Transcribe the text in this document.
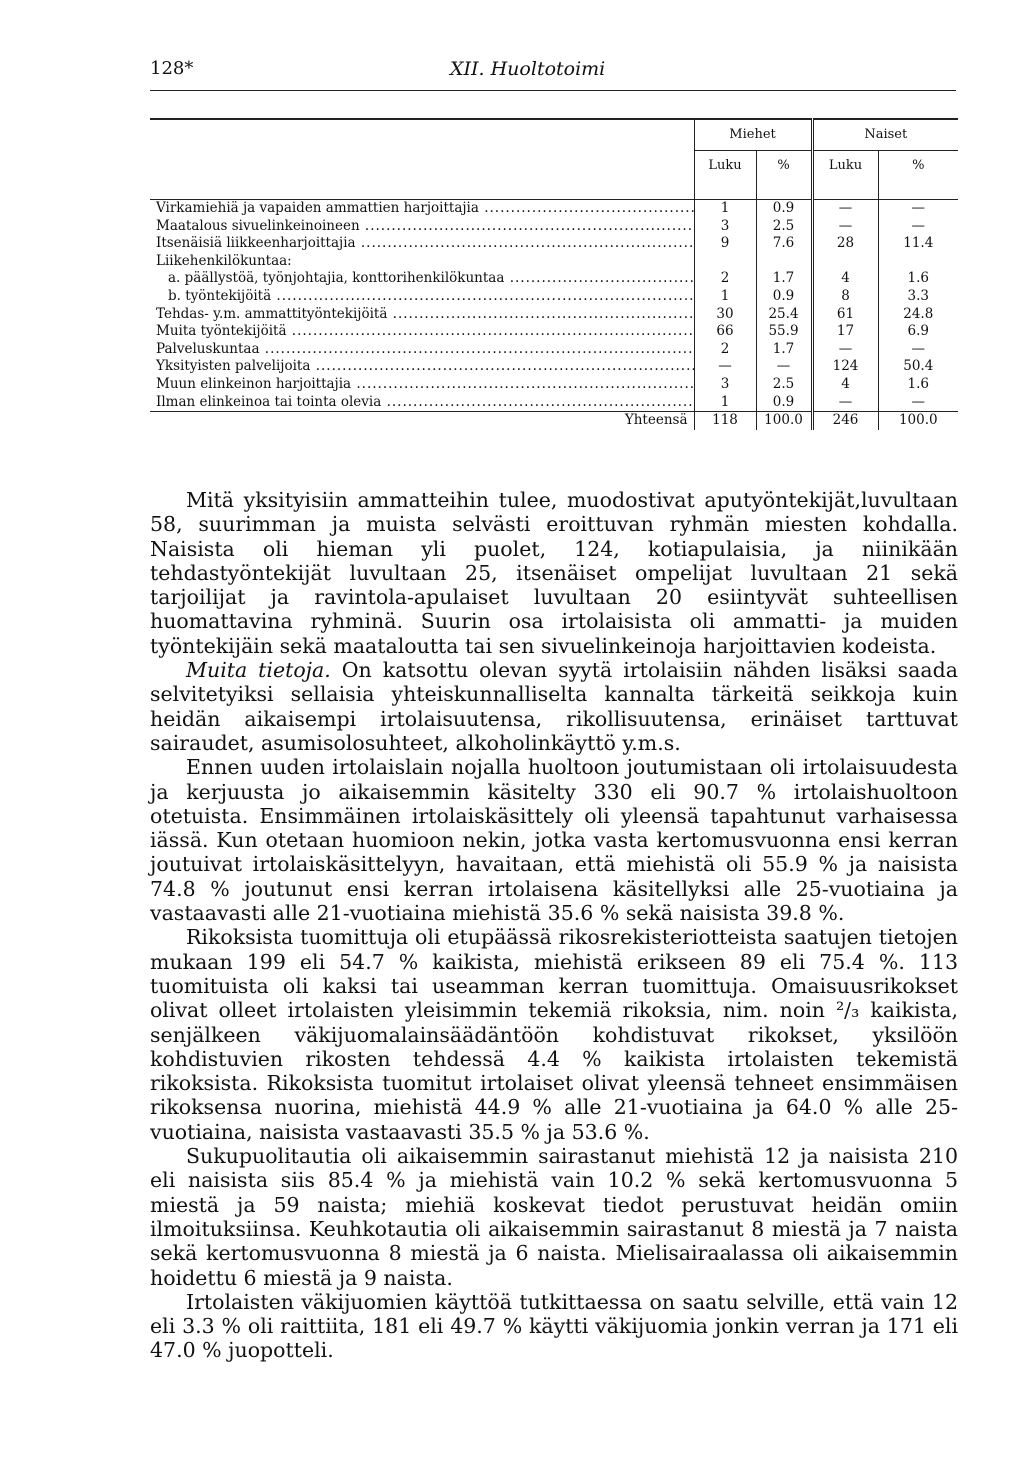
128*	XII. Huoltotoimi
	Miehet		Naiset	
	Luku	%	Luku	%

Virkamiehiä ja vapaiden ammattien harjoittajia .....	1	0.9	—	—
Maatalous sivuelinkeinoineen .....	3	2.5	—	—
Itsenäisiä liikkeenharjoittajia .....	9	7.6	28	11.4
Liikehenkilökuntaa:				
a. päällystöä, työnjohtajia, konttorihenkilökuntaa .....	2	1.7	4	1.6
b. työntekijöitä .....	1	0.9	8	3.3
Tehdas- y.m. ammattityöntekijöitä .....	30	25.4	61	24.8
Muita työntekijöitä .....	66	55.9	17	6.9
Palveluskuntaa .....	2	1.7	—	—
Yksityisten palvelijoita .....	—	—	124	50.4
Muun elinkeinon harjoittajia .....	3	2.5	4	1.6
Ilman elinkeinoa tai tointa olevia .....	1	0.9	—	—
Yhteensä	118	100.0	246	100.0

Mitä yksityisiin ammatteihin tulee, muodostivat aputyöntekijät,luvultaan 58, suurimman ja muista selvästi eroittuvan ryhmän miesten kohdalla. Naisista oli hieman yli puolet, 124, kotiapulaisia, ja niinikään tehdastyöntekijät luvultaan 25, itsenäiset ompelijat luvultaan 21 sekä tarjoilijat ja ravintola-apulaiset luvultaan 20 esiintyvät suhteellisen huomattavina ryhminä. Suurin osa irtolaisista oli ammatti- ja muiden työntekijäin sekä maataloutta tai sen sivuelinkeinoja harjoittavien kodeista.

Muita tietoja. On katsottu olevan syytä irtolaisiin nähden lisäksi saada selvitetyiksi sellaisia yhteiskunnalliselta kannalta tärkeitä seikkoja kuin heidän aikaisempi irtolaisuutensa, rikollisuutensa, erinäiset tarttuvat sairaudet, asumisolosuhteet, alkoholinkäyttö y.m.s.

Ennen uuden irtolaislain nojalla huoltoon joutumistaan oli irtolaisuudesta ja kerjuusta jo aikaisemmin käsitelty 330 eli 90.7 % irtolaishuoltoon otetuista. Ensimmäinen irtolaiskäsittely oli yleensä tapahtunut varhaisessa iässä. Kun otetaan huomioon nekin, jotka vasta kertomusvuonna ensi kerran joutuivat irtolaiskäsittelyyn, havaitaan, että miehistä oli 55.9 % ja naisista 74.8 % joutunut ensi kerran irtolaisena käsitellyksi alle 25-vuotiaina ja vastaavasti alle 21-vuotiaina miehistä 35.6 % sekä naisista 39.8 %.

Rikoksista tuomittuja oli etupäässä rikosrekisteriotteista saatujen tietojen mukaan 199 eli 54.7 % kaikista, miehistä erikseen 89 eli 75.4 %. 113 tuomituista oli kaksi tai useamman kerran tuomittuja. Omaisuusrikokset olivat olleet irtolaisten yleisimmin tekemiä rikoksia, nim. noin ²/₃ kaikista, senjälkeen väkijuomalainsäädäntöön kohdistuvat rikokset, yksilöön kohdistuvien rikosten tehdessä 4.4 % kaikista irtolaisten tekemistä rikoksista. Rikoksista tuomitut irtolaiset olivat yleensä tehneet ensimmäisen rikoksensa nuorina, miehistä 44.9 % alle 21-vuotiaina ja 64.0 % alle 25-vuotiaina, naisista vastaavasti 35.5 % ja 53.6 %.

Sukupuolitautia oli aikaisemmin sairastanut miehistä 12 ja naisista 210 eli naisista siis 85.4 % ja miehistä vain 10.2 % sekä kertomusvuonna 5 miestä ja 59 naista; miehiä koskevat tiedot perustuvat heidän omiin ilmoituksiinsa. Keuhkotautia oli aikaisemmin sairastanut 8 miestä ja 7 naista sekä kertomusvuonna 8 miestä ja 6 naista. Mielisairaalassa oli aikaisemmin hoidettu 6 miestä ja 9 naista.

Irtolaisten väkijuomien käyttöä tutkittaessa on saatu selville, että vain 12 eli 3.3 % oli raittiita, 181 eli 49.7 % käytti väkijuomia jonkin verran ja 171 eli 47.0 % juopotteli.
